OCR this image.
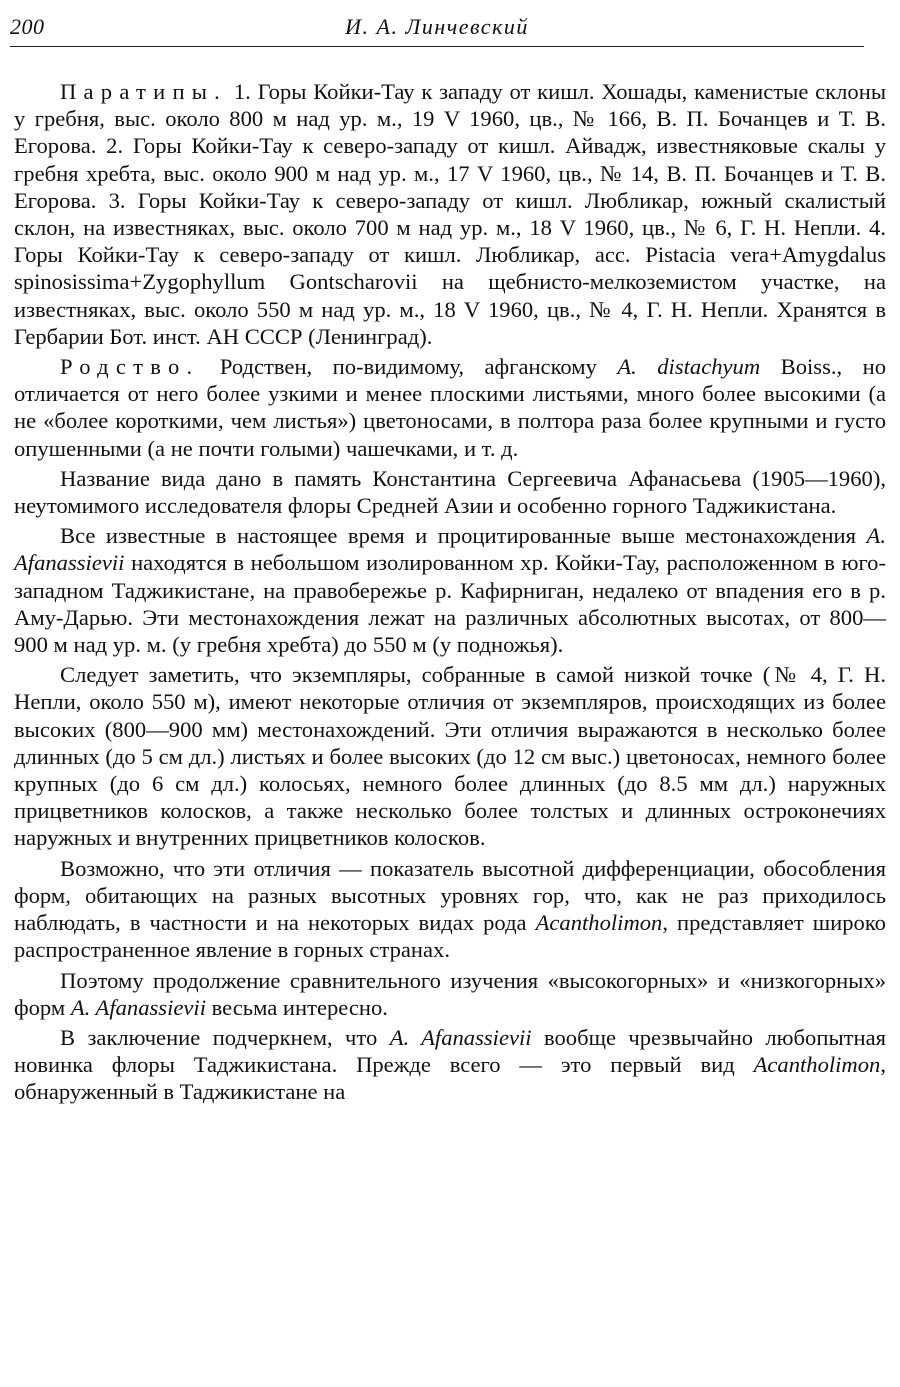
200	И. А. Линчевский

Паратипы. 1. Горы Койки-Тау к западу от кишл. Хошады, каменистые склоны у гребня, выс. около 800 м над ур. м., 19 V 1960, цв., № 166, В. П. Бочанцев и Т. В. Егорова. 2. Горы Койки-Тау к северо-западу от кишл. Айвадж, известняковые скалы у гребня хребта, выс. около 900 м над ур. м., 17 V 1960, цв., № 14, В. П. Бочанцев и Т. В. Егорова. 3. Горы Койки-Тау к северо-западу от кишл. Любликар, южный скалистый склон, на известняках, выс. около 700 м над ур. м., 18 V 1960, цв., № 6, Г. Н. Непли. 4. Горы Койки-Тау к северо-западу от кишл. Любликар, асс. Pistacia vera+Amygdalus spinosissima+Zygophyllum Gontscharovii на щебнисто-мелкоземистом участке, на известняках, выс. около 550 м над ур. м., 18 V 1960, цв., № 4, Г. Н. Непли. Хранятся в Гербарии Бот. инст. АН СССР (Ленинград).

Родство. Родствен, по-видимому, афганскому A. distachyum Boiss., но отличается от него более узкими и менее плоскими листьями, много более высокими (а не «более короткими, чем листья») цветоносами, в полтора раза более крупными и густо опушенными (а не почти голыми) чашечками, и т. д.

Название вида дано в память Константина Сергеевича Афанасьева (1905—1960), неутомимого исследователя флоры Средней Азии и особенно горного Таджикистана.

Все известные в настоящее время и процитированные выше местонахождения A. Afanassievii находятся в небольшом изолированном хр. Койки-Тау, расположенном в юго-западном Таджикистане, на правобережье р. Кафирниган, недалеко от впадения его в р. Аму-Дарью. Эти местонахождения лежат на различных абсолютных высотах, от 800—900 м над ур. м. (у гребня хребта) до 550 м (у подножья).

Следует заметить, что экземпляры, собранные в самой низкой точке (№ 4, Г. Н. Непли, около 550 м), имеют некоторые отличия от экземпляров, происходящих из более высоких (800—900 мм) местонахождений. Эти отличия выражаются в несколько более длинных (до 5 см дл.) листьях и более высоких (до 12 см выс.) цветоносах, немного более крупных (до 6 см дл.) колосьях, немного более длинных (до 8.5 мм дл.) наружных прицветников колосков, а также несколько более толстых и длинных остроконечиях наружных и внутренних прицветников колосков.

Возможно, что эти отличия — показатель высотной дифференциации, обособления форм, обитающих на разных высотных уровнях гор, что, как не раз приходилось наблюдать, в частности и на некоторых видах рода Acantholimon, представляет широко распространенное явление в горных странах.

Поэтому продолжение сравнительного изучения «высокогорных» и «низкогорных» форм A. Afanassievii весьма интересно.

В заключение подчеркнем, что A. Afanassievii вообще чрезвычайно любопытная новинка флоры Таджикистана. Прежде всего — это первый вид Acantholimon, обнаруженный в Таджикистане на
